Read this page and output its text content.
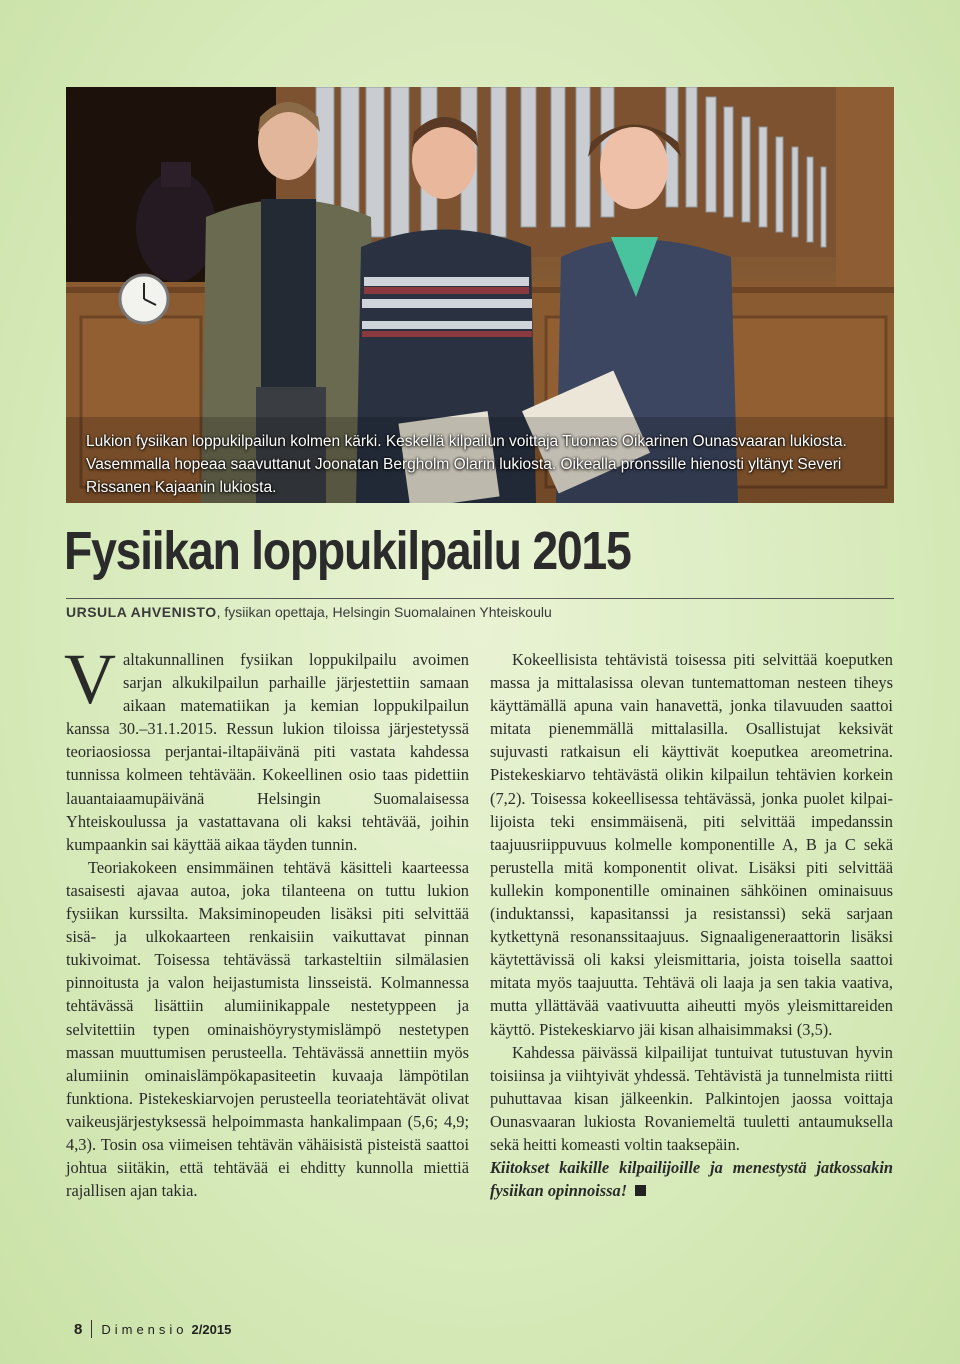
Lukion fysiikan loppukilpailun kolmen kärki. Keskellä kilpailun voittaja Tuomas Oikarinen Ounasvaaran lukiosta. Vasemmalla hopeaa saavuttanut Joonatan Bergholm Olarin lukiosta. Oikealla pronssille hienosti yltänyt Severi Rissanen Kajaanin lukiosta.
Fysiikan loppukilpailu 2015
URSULA AHVENISTO, fysiikan opettaja, Helsingin Suomalainen Yhteiskoulu

Valtakunnallinen fysiikan loppukilpailu avoimen sarjan alkukilpailun parhaille järjestettiin samaan aikaan matematiikan ja kemian loppukilpailun kanssa 30.–31.1.2015. Ressun lukion tiloissa järjestetyssä teoriaosiossa perjantai-iltapäivänä piti vastata kahdessa tunnissa kolmeen tehtävään. Kokeellinen osio taas pidettiin lauantaiaamupäivänä Helsingin Suomalaisessa Yhteiskoulussa ja vastattavana oli kaksi tehtävää, joihin kumpaankin sai käyttää aikaa täyden tunnin.

Teoriakokeen ensimmäinen tehtävä käsitteli kaarteessa tasaisesti ajavaa autoa, joka tilanteena on tuttu lukion fysiikan kurssilta. Maksiminopeuden lisäksi piti selvittää sisä- ja ulkokaarteen renkaisiin vaikuttavat pinnan tukivoimat. Toisessa tehtävässä tarkasteltiin silmälasien pinnoitusta ja valon heijastumista linsseistä. Kolmannessa tehtävässä lisättiin alumiinikappale nestetyppeen ja selvitettiin typen ominaishöyrystymislämpö nestetypen massan muuttumisen perusteella. Tehtävässä annettiin myös alumiinin ominaislämpökapasiteetin kuvaaja lämpötilan funktiona. Pistekeskiarvojen perusteella teoriatehtävät olivat vaikeusjärjestyksessä helpoimmasta hankalimpaan (5,6; 4,9; 4,3). Tosin osa viimeisen tehtävän vähäisistä pisteistä saattoi johtua siitäkin, että tehtävää ei ehditty kunnolla miettiä rajallisen ajan takia.

Kokeellisista tehtävistä toisessa piti selvittää koeputken massa ja mittalasissa olevan tuntemattoman nesteen tiheys käyttämällä apuna vain hanavettä, jonka tilavuuden saattoi mitata pienemmällä mittalasilla. Osallistujat keksivät sujuvasti ratkaisun eli käyttivät koeputkea areometrina. Pistekeskiarvo tehtävästä olikin kilpailun tehtävien korkein (7,2). Toisessa kokeellisessa tehtävässä, jonka puolet kilpailijoista teki ensimmäisenä, piti selvittää impedanssin taajuusriippuvuus kolmelle komponentille A, B ja C sekä perustella mitä komponentit olivat. Lisäksi piti selvittää kullekin komponentille ominainen sähköinen ominaisuus (induktanssi, kapasitanssi ja resistanssi) sekä sarjaan kytkettynä resonanssitaajuus. Signaaligeneraattorin lisäksi käytettävissä oli kaksi yleismittaria, joista toisella saattoi mitata myös taajuutta. Tehtävä oli laaja ja sen takia vaativa, mutta yllättävää vaativuutta aiheutti myös yleismittareiden käyttö. Pistekeskiarvo jäi kisan alhaisimmaksi (3,5).

Kahdessa päivässä kilpailijat tuntuivat tutustuvan hyvin toisiinsa ja viihtyivät yhdessä. Tehtävistä ja tunnelmista riitti puhuttavaa kisan jälkeenkin. Palkintojen jaossa voittaja Ounasvaaran lukiosta Rovaniemeltä tuuletti antaumuksella sekä heitti komeasti voltin taaksepäin.

Kiitokset kaikille kilpailijoille ja menestystä jatkossakin fysiikan opinnoissa!

8 Dimensio 2/2015
